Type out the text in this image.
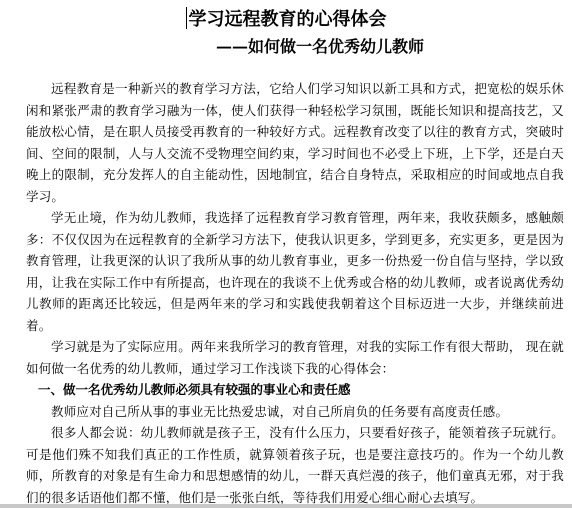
学习远程教育的心得体会
——如何做一名优秀幼儿教师

远程教育是一种新兴的教育学习方法，它给人们学习知识以新工具和方式，把宽松的娱乐休闲和紧张严肃的教育学习融为一体，使人们获得一种轻松学习氛围，既能长知识和提高技艺，又能放松心情，是在职人员接受再教育的一种较好方式。远程教育改变了以往的教育方式，突破时间、空间的限制，人与人交流不受物理空间约束，学习时间也不必受上下班，上下学，还是白天晚上的限制，充分发挥人的自主能动性，因地制宜，结合自身特点，采取相应的时间或地点自我学习。

学无止境，作为幼儿教师，我选择了远程教育学习教育管理，两年来，我收获颇多，感触颇多：不仅仅因为在远程教育的全新学习方法下，使我认识更多，学到更多，充实更多，更是因为教育管理，让我更深的认识了我所从事的幼儿教育事业，更多一份热爱一份自信与坚持，学以致用，让我在实际工作中有所提高，也许现在的我谈不上优秀或合格的幼儿教师，或者说离优秀幼儿教师的距离还比较远，但是两年来的学习和实践使我朝着这个目标迈进一大步，并继续前进着。

学习就是为了实际应用。两年来我所学习的教育管理，对我的实际工作有很大帮助， 现在就如何做一名优秀的幼儿教师，通过学习工作浅谈下我的心得体会：

一、做一名优秀幼儿教师必须具有较强的事业心和责任感

教师应对自己所从事的事业无比热爱忠诚，对自己所肩负的任务要有高度责任感。

很多人都会说：幼儿教师就是孩子王，没有什么压力，只要看好孩子，能领着孩子玩就行。可是他们殊不知我们真正的工作性质，就算领着孩子玩，也是要注意技巧的。作为一个幼儿教师，所教育的对象是有生命力和思想感情的幼儿，一群天真烂漫的孩子，他们童真无邪，对于我们的很多话语他们都不懂，他们是一张张白纸，等待我们用爱心细心耐心去填写。
